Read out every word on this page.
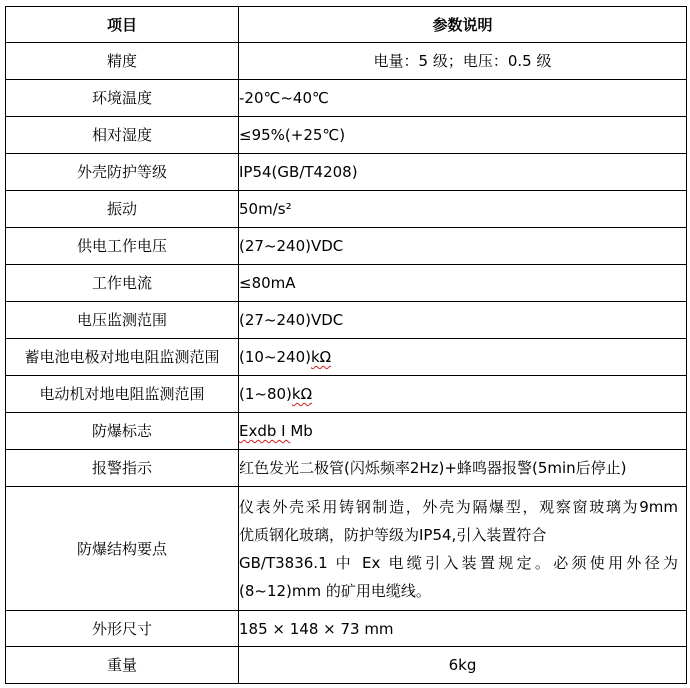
项目	参数说明
精度	电量：5 级；电压：0.5 级
环境温度	-20℃~40℃
相对湿度	≤95%(+25℃)
外壳防护等级	IP54(GB/T4208)
振动	50m/s²
供电工作电压	(27~240)VDC
工作电流	≤80mA
电压监测范围	(27~240)VDC
蓄电池电极对地电阻监测范围	(10~240)kΩ
电动机对地电阻监测范围	(1~80)kΩ
防爆标志	Exdb I Mb
报警指示	红色发光二极管(闪烁频率2Hz)+蜂鸣器报警(5min后停止)
防爆结构要点	仪表外壳采用铸钢制造，外壳为隔爆型，观察窗玻璃为9mm
优质钢化玻璃，防护等级为IP54,引入装置符合
GB/T3836.1 中 Ex 电缆引入装置规定。必须使用外径为
(8~12)mm 的矿用电缆线。

外形尺寸	185 × 148 × 73 mm
重量	6kg
